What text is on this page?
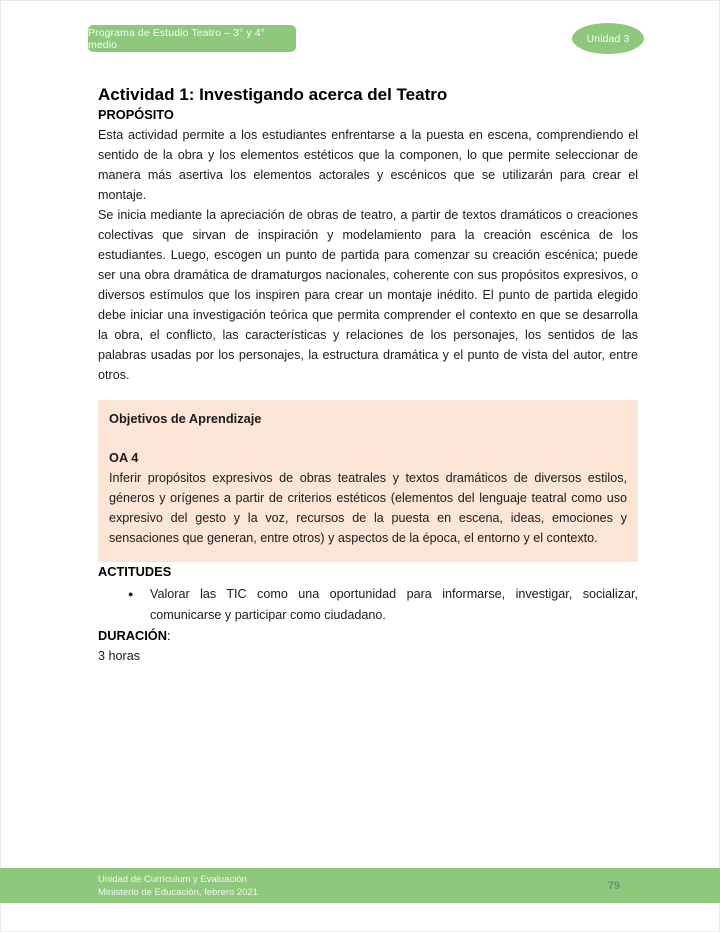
Programa de Estudio Teatro – 3° y 4° medio	Unidad 3
Actividad 1: Investigando acerca del Teatro
PROPÓSITO

Esta actividad permite a los estudiantes enfrentarse a la puesta en escena, comprendiendo el sentido de la obra y los elementos estéticos que la componen, lo que permite seleccionar de manera más asertiva los elementos actorales y escénicos que se utilizarán para crear el montaje.

Se inicia mediante la apreciación de obras de teatro, a partir de textos dramáticos o creaciones colectivas que sirvan de inspiración y modelamiento para la creación escénica de los estudiantes. Luego, escogen un punto de partida para comenzar su creación escénica; puede ser una obra dramática de dramaturgos nacionales, coherente con sus propósitos expresivos, o diversos estímulos que los inspiren para crear un montaje inédito. El punto de partida elegido debe iniciar una investigación teórica que permita comprender el contexto en que se desarrolla la obra, el conflicto, las características y relaciones de los personajes, los sentidos de las palabras usadas por los personajes, la estructura dramática y el punto de vista del autor, entre otros.

Objetivos de Aprendizaje
OA 4

Inferir propósitos expresivos de obras teatrales y textos dramáticos de diversos estilos, géneros y orígenes a partir de criterios estéticos (elementos del lenguaje teatral como uso expresivo del gesto y la voz, recursos de la puesta en escena, ideas, emociones y sensaciones que generan, entre otros) y aspectos de la época, el entorno y el contexto.

ACTITUDES
●	Valorar las TIC como una oportunidad para informarse, investigar, socializar, comunicarse y participar como ciudadano.
DURACIÓN:

3 horas

Unidad de Currículum y Evaluación
Ministerio de Educación, febrero 2021
79
